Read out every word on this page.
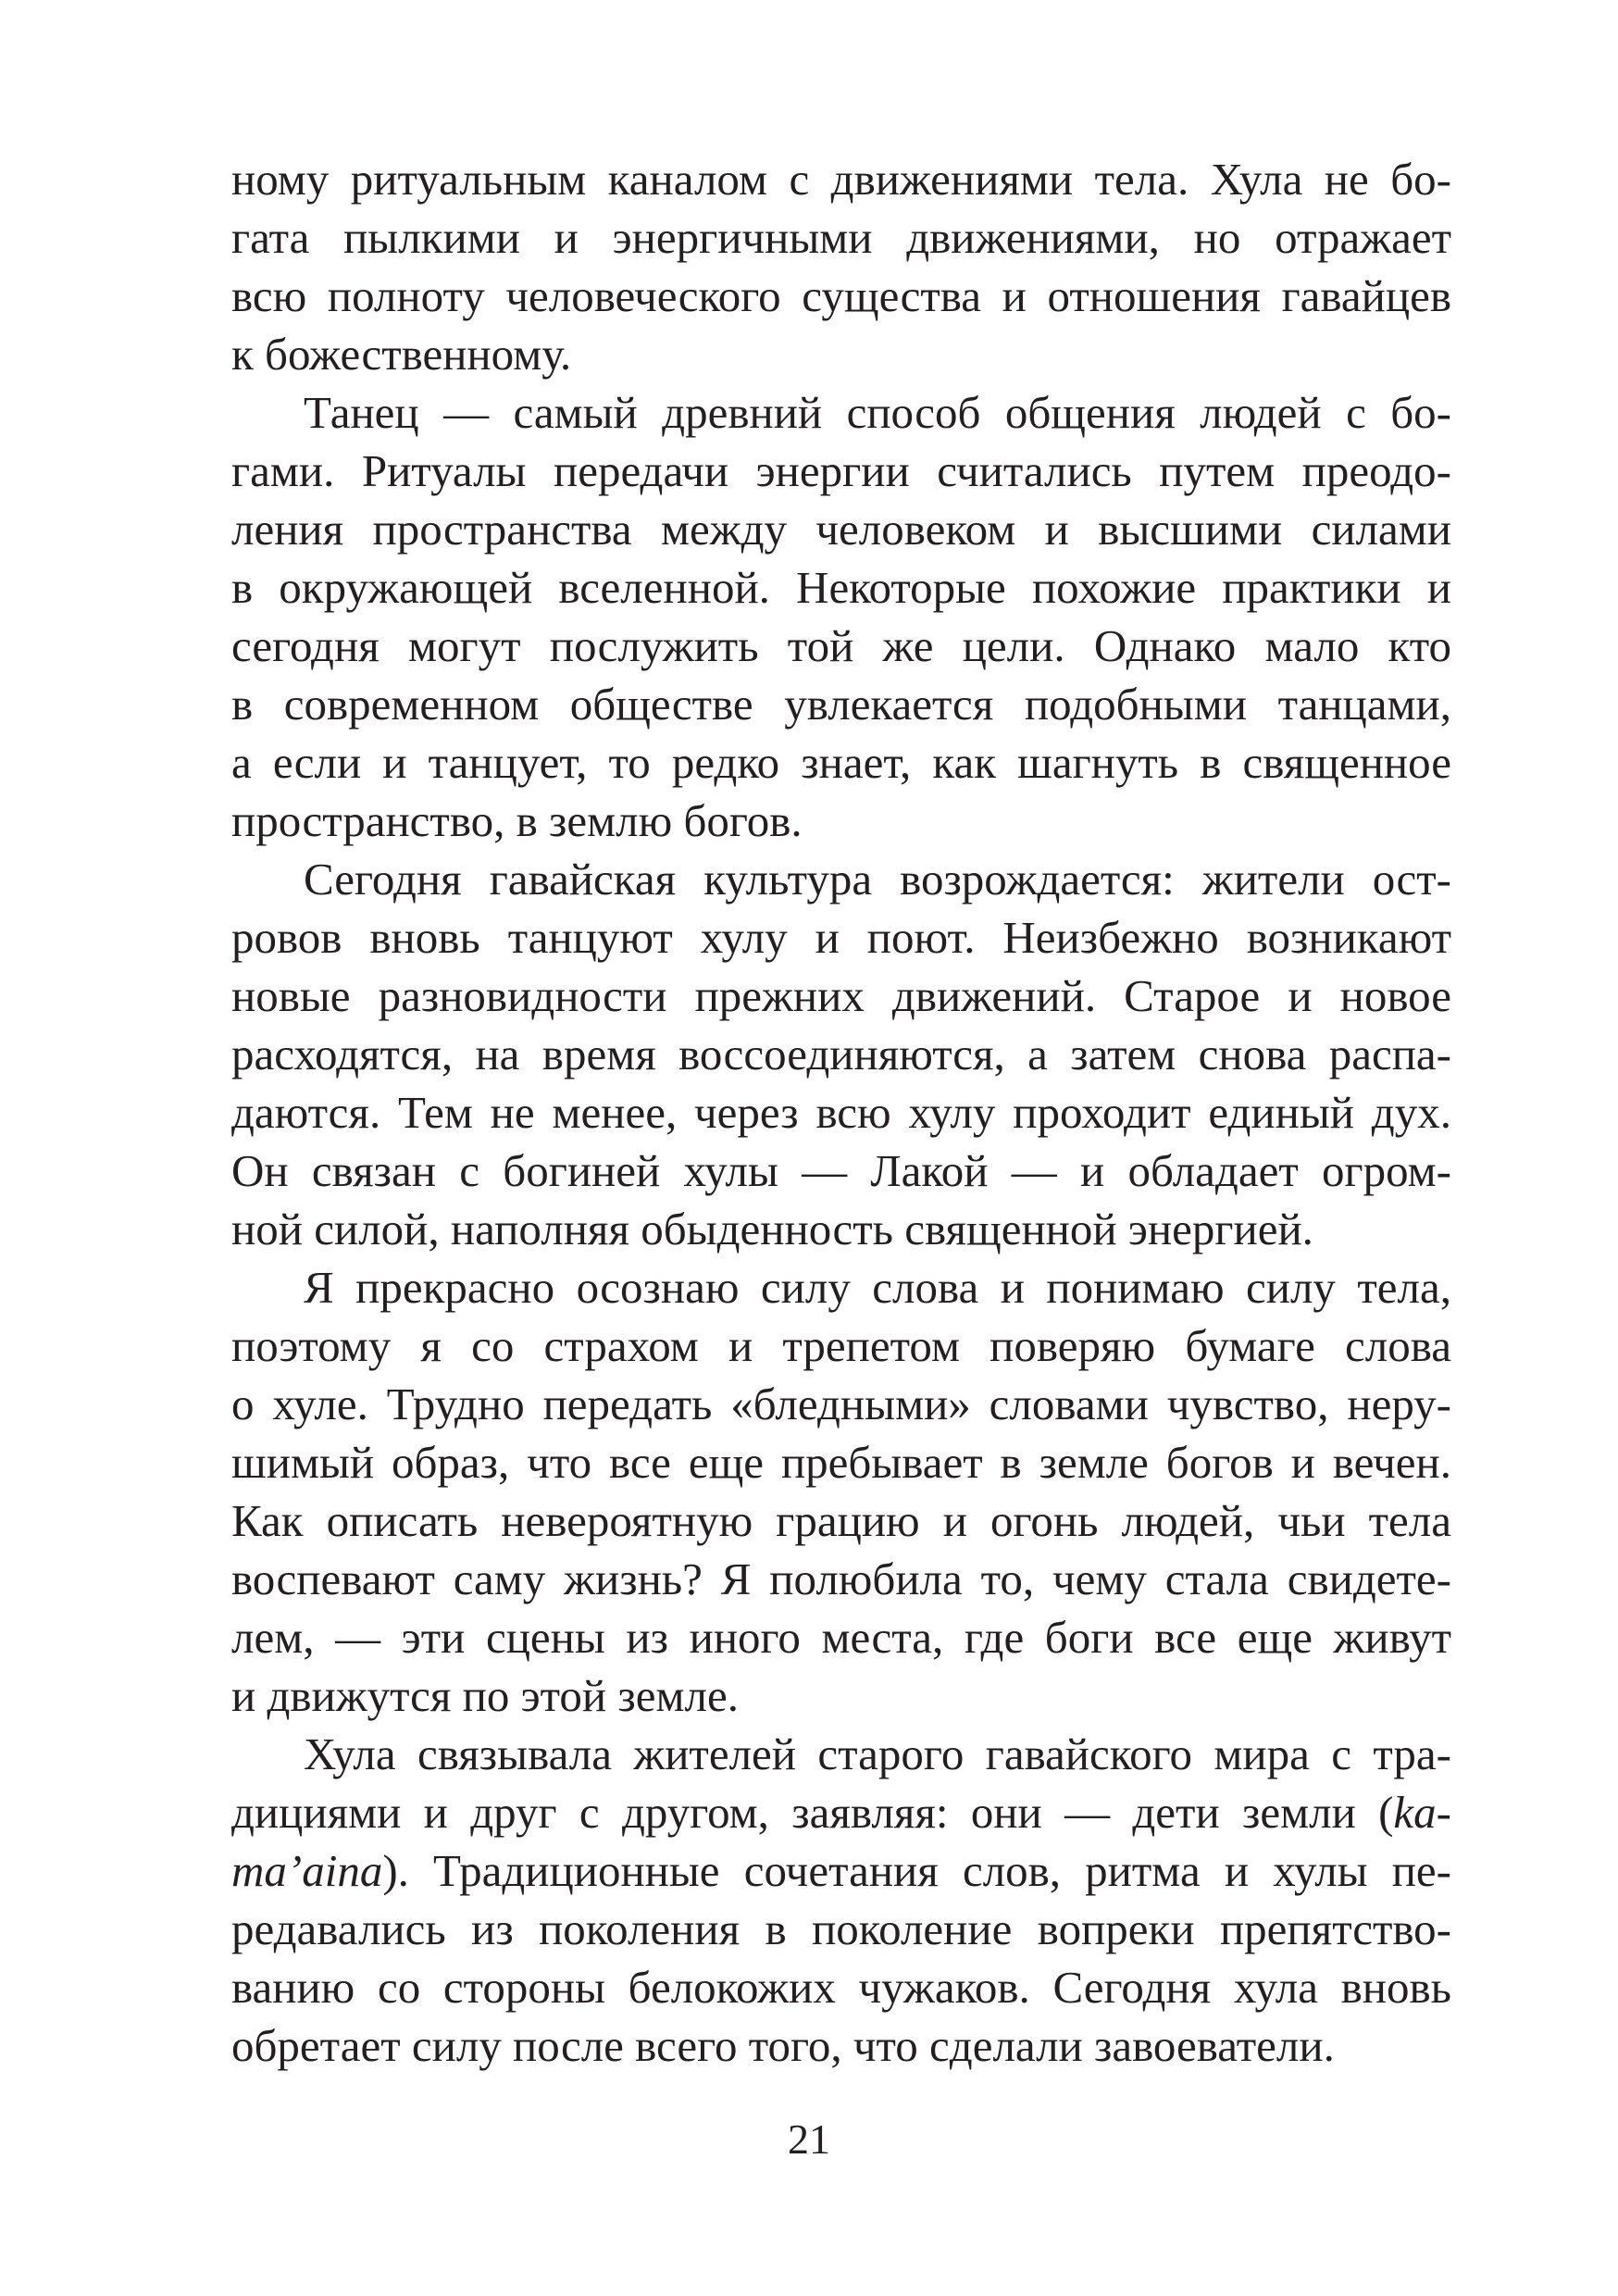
ному ритуальным каналом с движениями тела. Хула не бо-
гата пылкими и энергичными движениями, но отражает
всю полноту человеческого существа и отношения гавайцев
к божественному.
Танец — самый древний способ общения людей с бо-
гами. Ритуалы передачи энергии считались путем преодо-
ления пространства между человеком и высшими силами
в окружающей вселенной. Некоторые похожие практики и
сегодня могут послужить той же цели. Однако мало кто
в современном обществе увлекается подобными танцами,
а если и танцует, то редко знает, как шагнуть в священное
пространство, в землю богов.
Сегодня гавайская культура возрождается: жители ост-
ровов вновь танцуют хулу и поют. Неизбежно возникают
новые разновидности прежних движений. Старое и новое
расходятся, на время воссоединяются, а затем снова распа-
даются. Тем не менее, через всю хулу проходит единый дух.
Он связан с богиней хулы — Лакой — и обладает огром-
ной силой, наполняя обыденность священной энергией.
Я прекрасно осознаю силу слова и понимаю силу тела,
поэтому я со страхом и трепетом поверяю бумаге слова
о хуле. Трудно передать «бледными» словами чувство, нeру-
шимый образ, что все еще пребывает в земле богов и вечен.
Как описать невероятную грацию и огонь людей, чьи тела
воспевают саму жизнь? Я полюбила то, чему стала свидете-
лем, — эти сцены из иного места, где боги все еще живут
и движутся по этой земле.
Хула связывала жителей старого гавайского мира с тра-
дициями и друг с другом, заявляя: они — дети земли (ka-
ma’aina). Традиционные сочетания слов, ритма и хулы пе-
редавались из поколения в поколение вопреки препятство-
ванию со стороны белокожих чужаков. Сегодня хула вновь
обретает силу после всего того, что сделали завоеватели.
21
